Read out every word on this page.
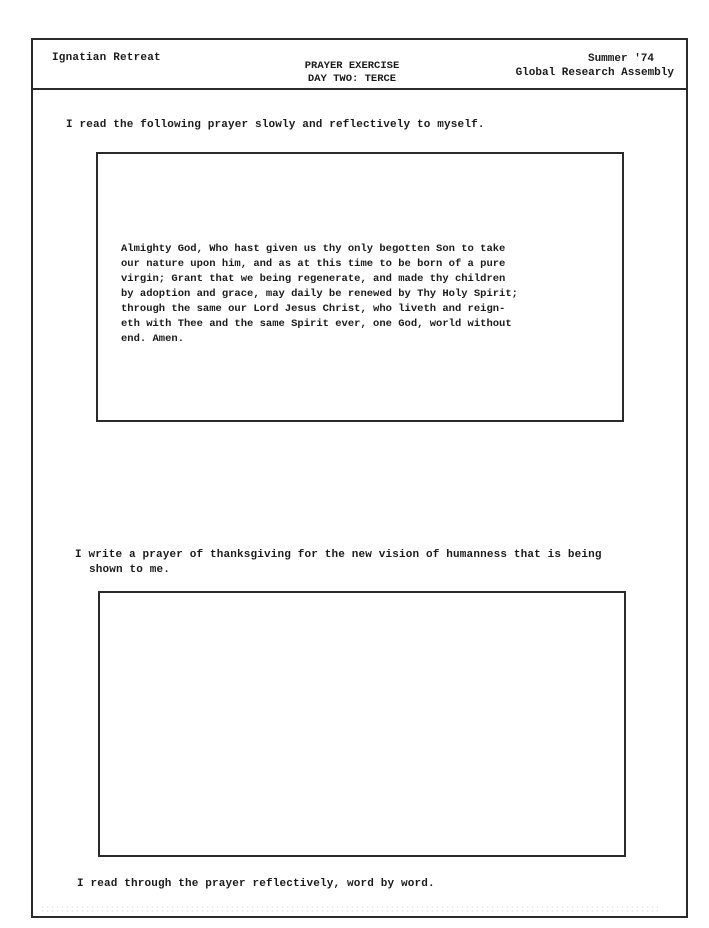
Ignatian Retreat
PRAYER EXERCISE
DAY TWO: TERCE
Summer '74
Global Research Assembly
I read the following prayer slowly and reflectively to myself.
Almighty God, Who hast given us thy only begotten Son to take
our nature upon him, and as at this time to be born of a pure
virgin; Grant that we being regenerate, and made thy children
by adoption and grace, may daily be renewed by Thy Holy Spirit;
through the same our Lord Jesus Christ, who liveth and reign-
eth with Thee and the same Spirit ever, one God, world without
end. Amen.
I write a prayer of thanksgiving for the new vision of humanness that is being
shown to me.
I read through the prayer reflectively, word by word.
